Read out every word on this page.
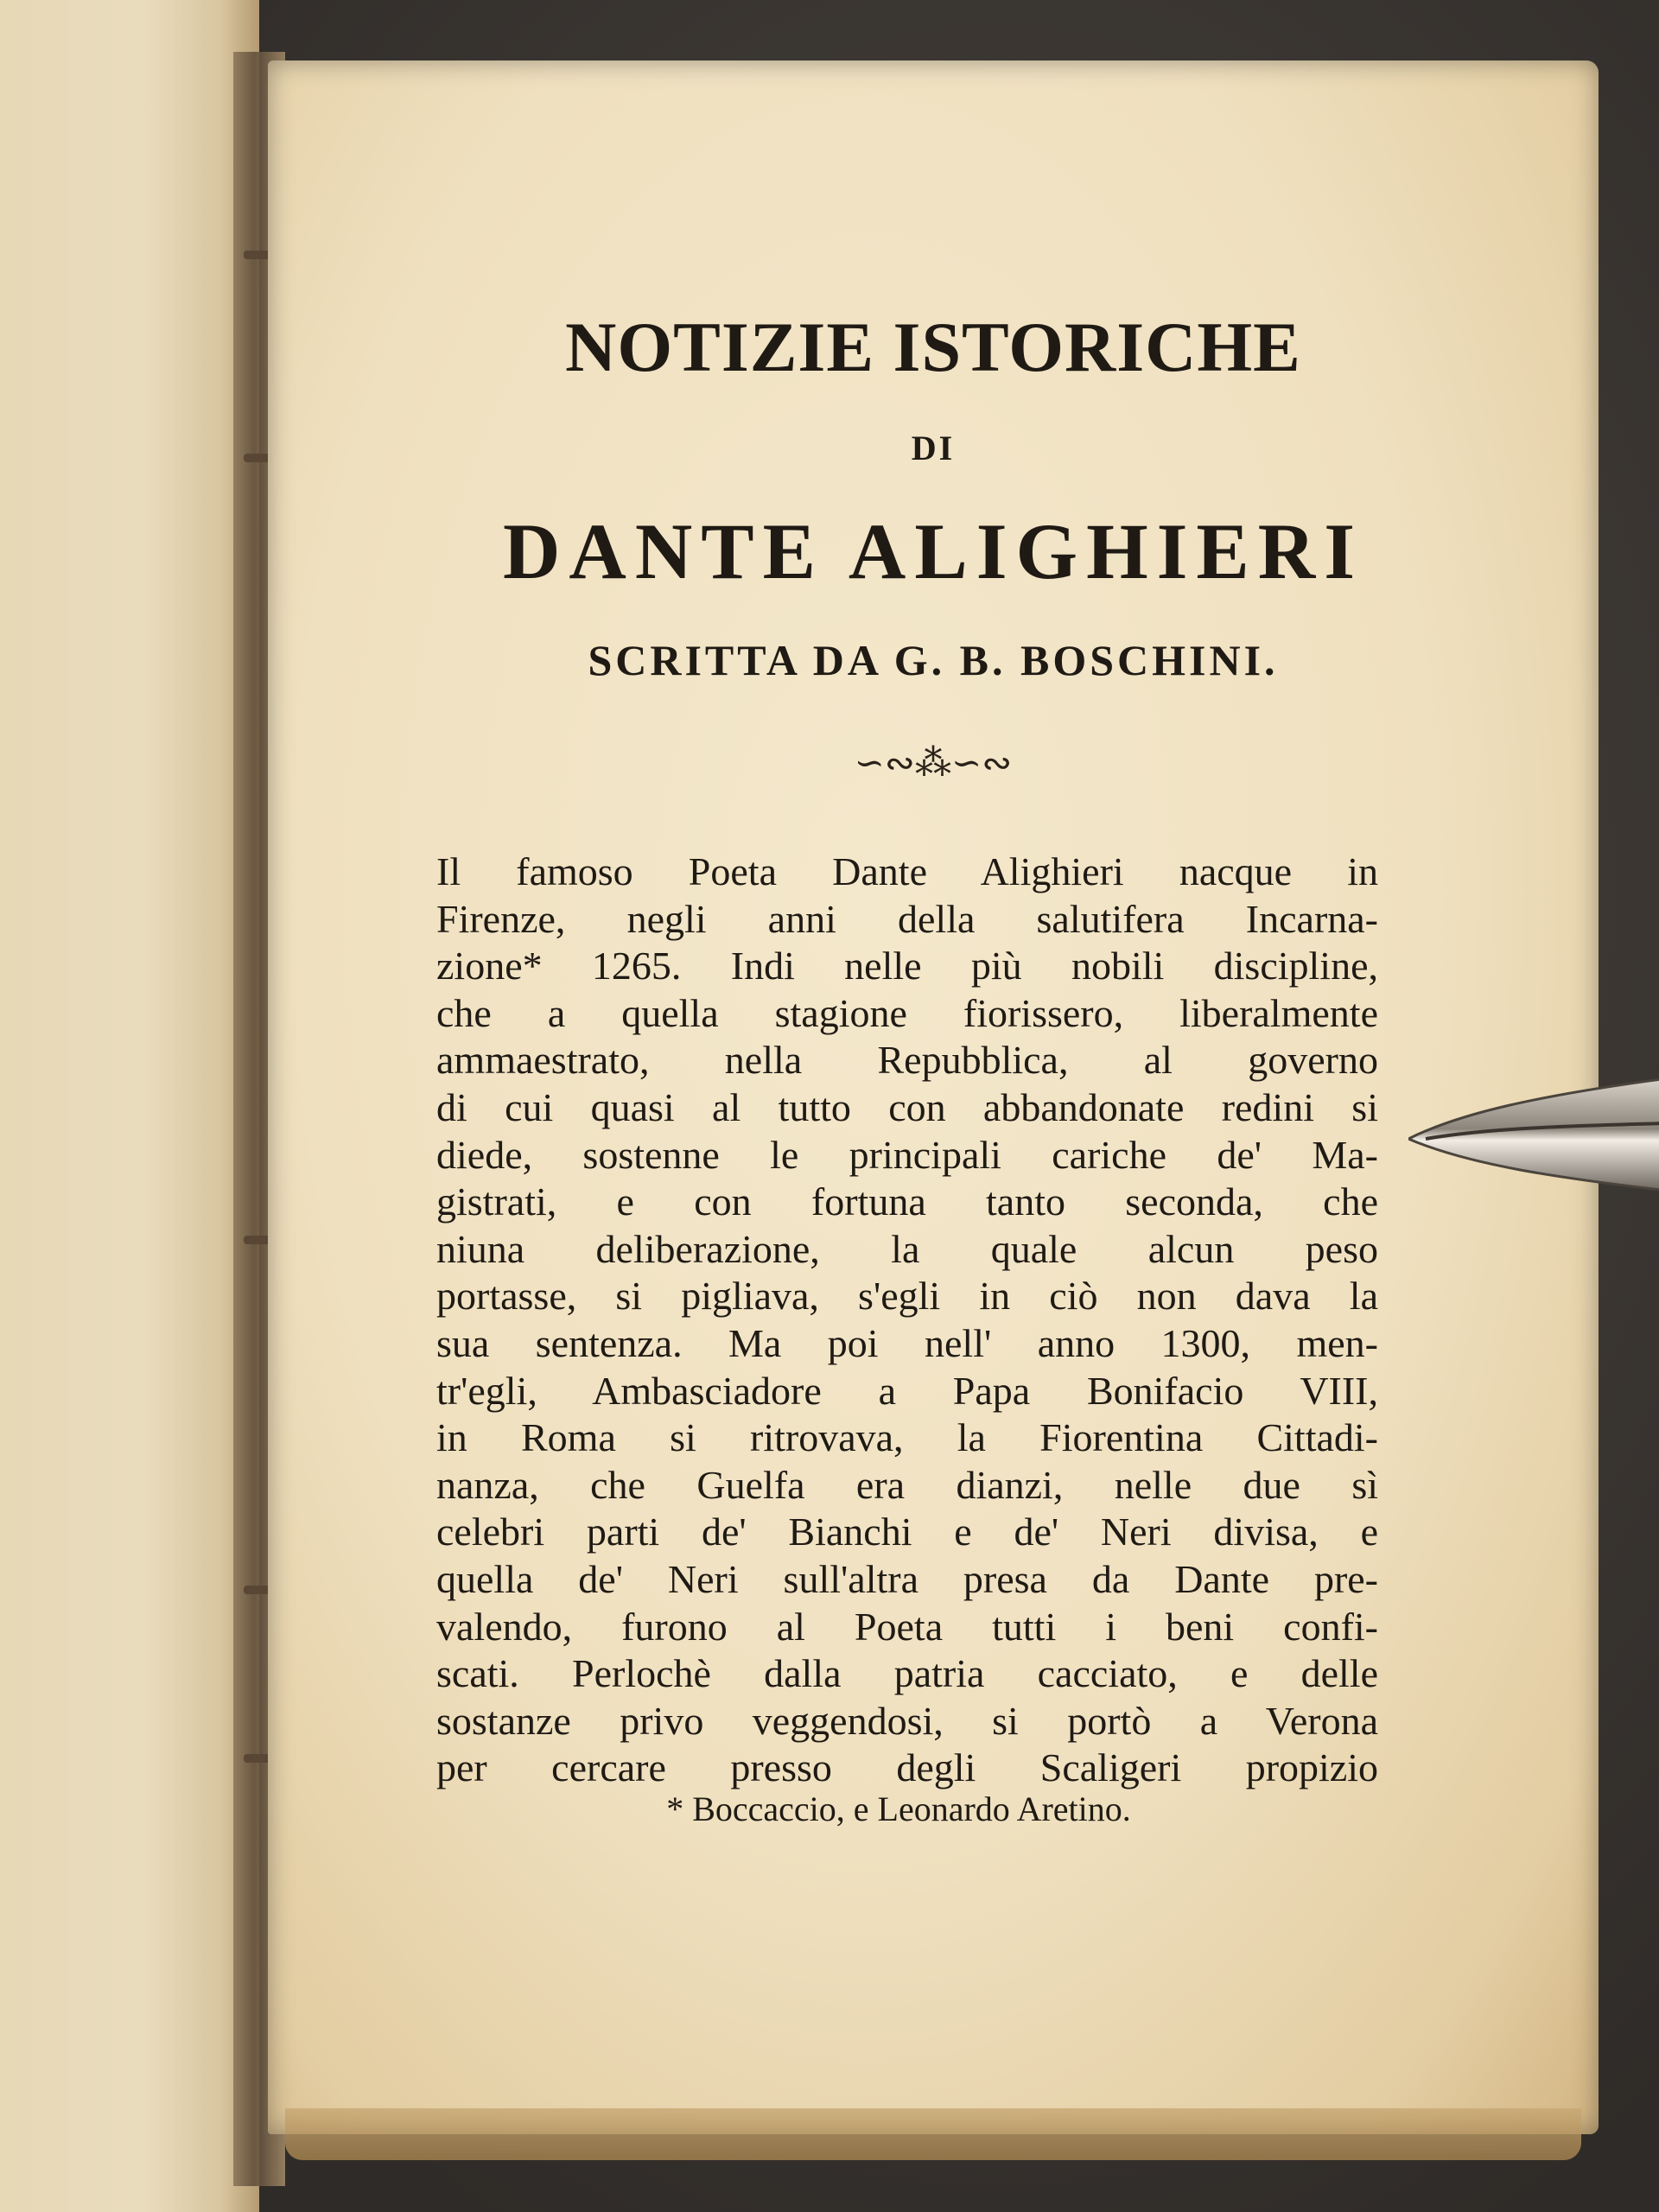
NOTIZIE ISTORICHE
DI
DANTE ALIGHIERI
SCRITTA DA G. B. BOSCHINI.
∽∾⁂∽∾
Il famoso Poeta Dante Alighieri nacque in
Firenze, negli anni della salutifera Incarna-
zione* 1265. Indi nelle più nobili discipline,
che a quella stagione fiorissero, liberalmente
ammaestrato, nella Repubblica, al governo
di cui quasi al tutto con abbandonate redini si
diede, sostenne le principali cariche de' Ma-
gistrati, e con fortuna tanto seconda, che
niuna deliberazione, la quale alcun peso
portasse, si pigliava, s'egli in ciò non dava la
sua sentenza. Ma poi nell' anno 1300, men-
tr'egli, Ambasciadore a Papa Bonifacio VIII,
in Roma si ritrovava, la Fiorentina Cittadi-
nanza, che Guelfa era dianzi, nelle due sì
celebri parti de' Bianchi e de' Neri divisa, e
quella de' Neri sull'altra presa da Dante pre-
valendo, furono al Poeta tutti i beni confi-
scati. Perlochè dalla patria cacciato, e delle
sostanze privo veggendosi, si portò a Verona
per cercare presso degli Scaligeri propizio
* Boccaccio, e Leonardo Aretino.
